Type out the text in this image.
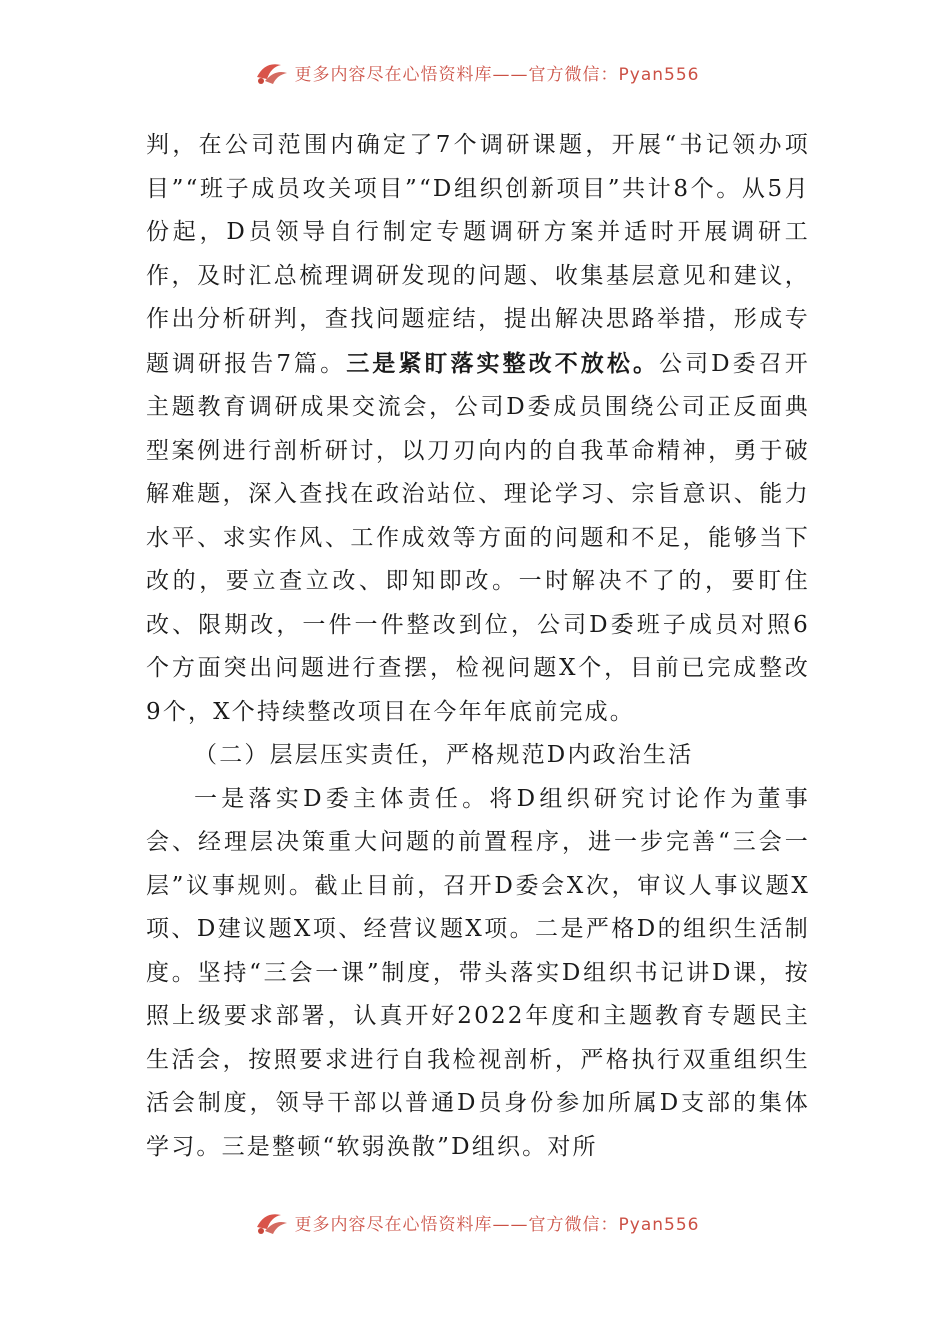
更多内容尽在心悟资料库——官方微信：Pyan556

判，在公司范围内确定了7个调研课题，开展“书记领办项目”“班子成员攻关项目”“D组织创新项目”共计8个。从5月份起，D员领导自行制定专题调研方案并适时开展调研工作，及时汇总梳理调研发现的问题、收集基层意见和建议，作出分析研判，查找问题症结，提出解决思路举措，形成专题调研报告7篇。三是紧盯落实整改不放松。公司D委召开主题教育调研成果交流会，公司D委成员围绕公司正反面典型案例进行剖析研讨，以刀刃向内的自我革命精神，勇于破解难题，深入查找在政治站位、理论学习、宗旨意识、能力水平、求实作风、工作成效等方面的问题和不足，能够当下改的，要立查立改、即知即改。一时解决不了的，要盯住改、限期改，一件一件整改到位，公司D委班子成员对照6个方面突出问题进行查摆，检视问题X个，目前已完成整改9个，X个持续整改项目在今年年底前完成。

（二）层层压实责任，严格规范D内政治生活

一是落实D委主体责任。将D组织研究讨论作为董事会、经理层决策重大问题的前置程序，进一步完善“三会一层”议事规则。截止目前，召开D委会X次，审议人事议题X项、D建议题X项、经营议题X项。二是严格D的组织生活制度。坚持“三会一课”制度，带头落实D组织书记讲D课，按照上级要求部署，认真开好2022年度和主题教育专题民主生活会，按照要求进行自我检视剖析，严格执行双重组织生活会制度，领导干部以普通D员身份参加所属D支部的集体学习。三是整顿“软弱涣散”D组织。对所

更多内容尽在心悟资料库——官方微信：Pyan556
